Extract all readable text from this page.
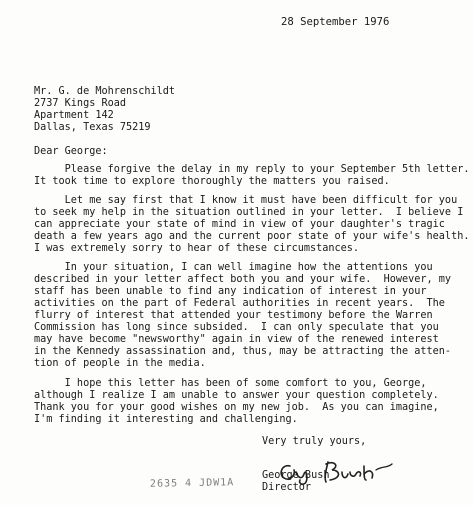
28 September 1976
Mr. G. de Mohrenschildt
2737 Kings Road
Apartment 142
Dallas, Texas 75219
Dear George:
Please forgive the delay in my reply to your September 5th letter.
It took time to explore thoroughly the matters you raised.
Let me say first that I know it must have been difficult for you
to seek my help in the situation outlined in your letter.  I believe I
can appreciate your state of mind in view of your daughter's tragic
death a few years ago and the current poor state of your wife's health.
I was extremely sorry to hear of these circumstances.
In your situation, I can well imagine how the attentions you
described in your letter affect both you and your wife.  However, my
staff has been unable to find any indication of interest in your
activities on the part of Federal authorities in recent years.  The
flurry of interest that attended your testimony before the Warren
Commission has long since subsided.  I can only speculate that you
may have become "newsworthy" again in view of the renewed interest
in the Kennedy assassination and, thus, may be attracting the atten-
tion of people in the media.
I hope this letter has been of some comfort to you, George,
although I realize I am unable to answer your question completely.
Thank you for your good wishes on my new job.  As you can imagine,
I'm finding it interesting and challenging.
Very truly yours,
George Bush
Director
2635 4 JDW1A
